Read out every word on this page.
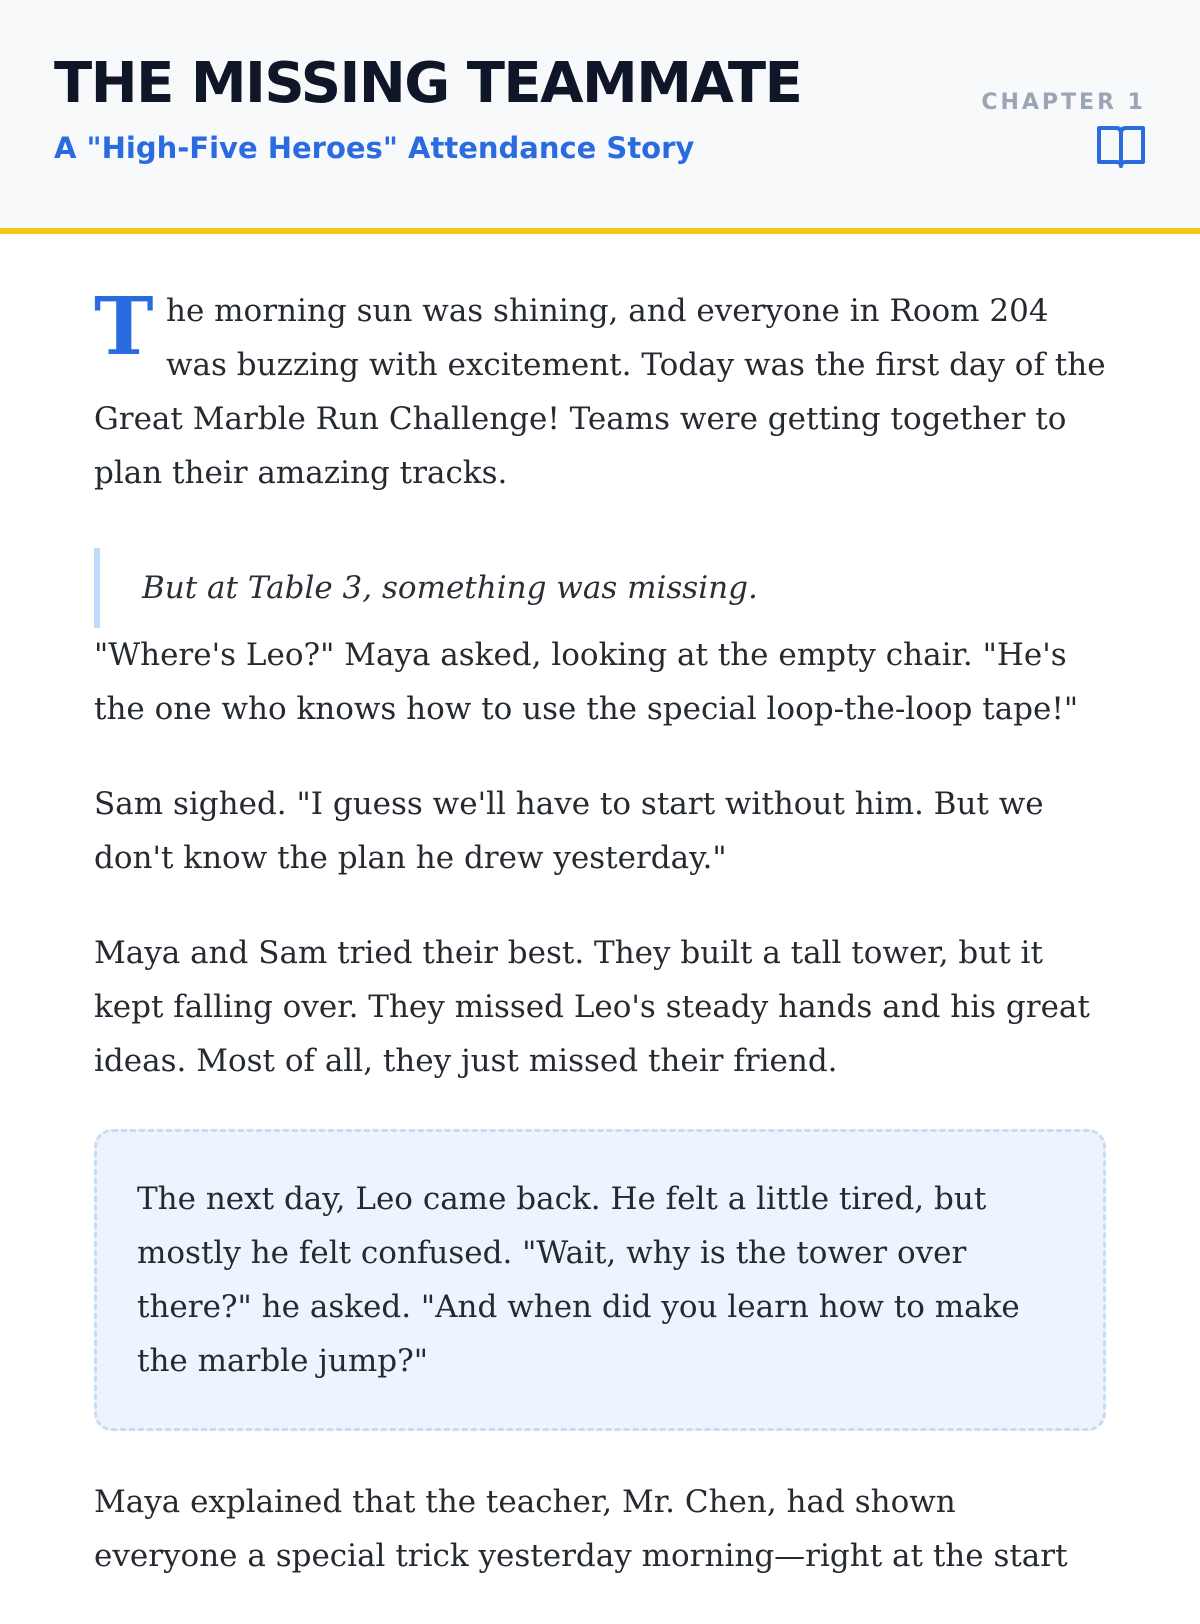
THE MISSING TEAMMATE
A "High-Five Heroes" Attendance Story
CHAPTER 1
T he morning sun was shining, and everyone in Room 204 was buzzing with excitement. Today was the first day of the Great Marble Run Challenge! Teams were getting together to plan their amazing tracks.

But at Table 3, something was missing.

"Where's Leo?" Maya asked, looking at the empty chair. "He's the one who knows how to use the special loop-the-loop tape!"

Sam sighed. "I guess we'll have to start without him. But we don't know the plan he drew yesterday."

Maya and Sam tried their best. They built a tall tower, but it kept falling over. They missed Leo's steady hands and his great ideas. Most of all, they just missed their friend.

The next day, Leo came back. He felt a little tired, but mostly he felt confused. "Wait, why is the tower over there?" he asked. "And when did you learn how to make the marble jump?"

Maya explained that the teacher, Mr. Chen, had shown everyone a special trick yesterday morning—right at the start
